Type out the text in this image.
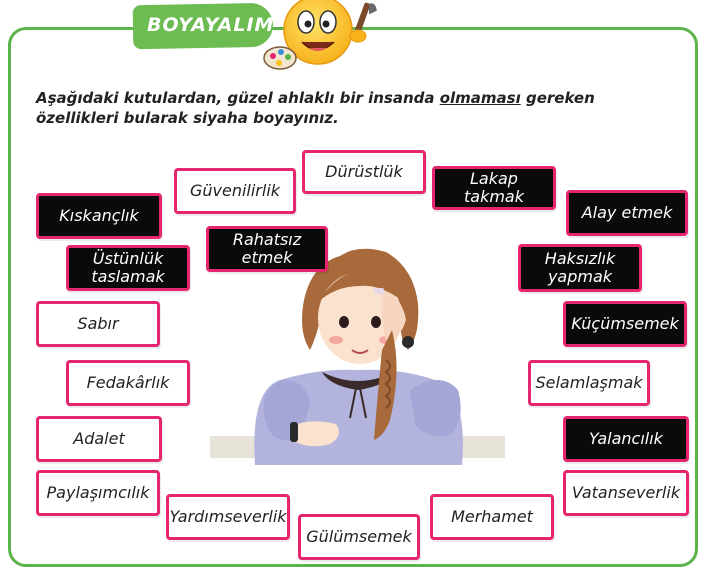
BOYAYALIM

Aşağıdaki kutulardan, güzel ahlaklı bir insanda olmaması gereken özellikleri bularak siyaha boyayınız.

Dürüstlük
Güvenilirlik
Lakap takmak
Kıskançlık	Alay etmek
Rahatsız etmek
Üstünlük taslamak
Haksızlık yapmak
Sabır	Küçümsemek
Fedakârlık	Selamlaşmak
Adalet	Yalancılık
Paylaşımcılık	Vatanseverlik
Yardımseverlik	Merhamet
Gülümsemek
